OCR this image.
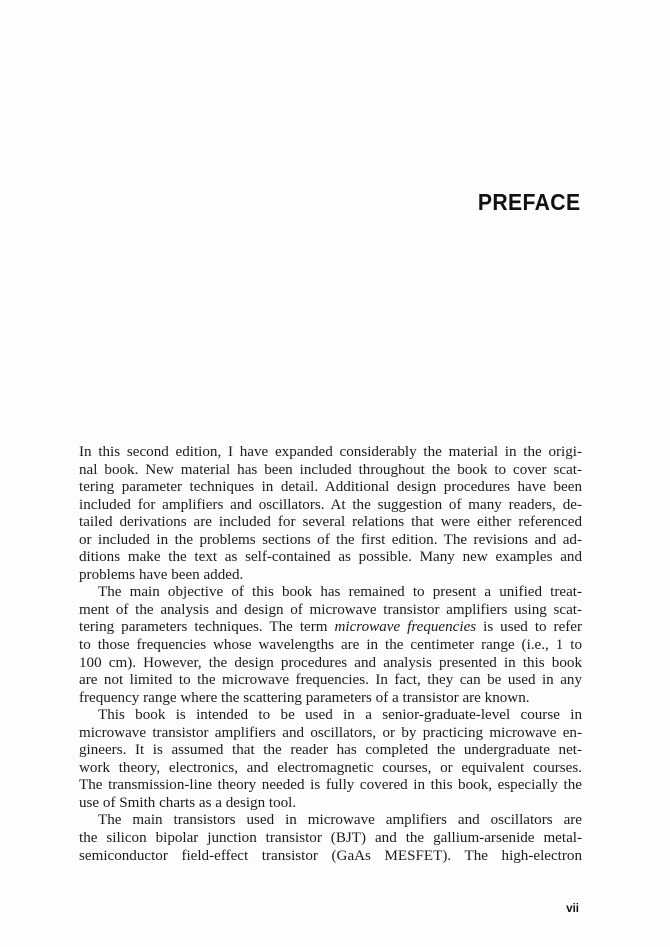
PREFACE
In this second edition, I have expanded considerably the material in the origi-
nal book. New material has been included throughout the book to cover scat-
tering parameter techniques in detail. Additional design procedures have been
included for amplifiers and oscillators. At the suggestion of many readers, de-
tailed derivations are included for several relations that were either referenced
or included in the problems sections of the first edition. The revisions and ad-
ditions make the text as self-contained as possible. Many new examples and
problems have been added.
The main objective of this book has remained to present a unified treat-
ment of the analysis and design of microwave transistor amplifiers using scat-
tering parameters techniques. The term microwave frequencies is used to refer
to those frequencies whose wavelengths are in the centimeter range (i.e., 1 to
100 cm). However, the design procedures and analysis presented in this book
are not limited to the microwave frequencies. In fact, they can be used in any
frequency range where the scattering parameters of a transistor are known.
This book is intended to be used in a senior-graduate-level course in
microwave transistor amplifiers and oscillators, or by practicing microwave en-
gineers. It is assumed that the reader has completed the undergraduate net-
work theory, electronics, and electromagnetic courses, or equivalent courses.
The transmission-line theory needed is fully covered in this book, especially the
use of Smith charts as a design tool.
The main transistors used in microwave amplifiers and oscillators are
the silicon bipolar junction transistor (BJT) and the gallium-arsenide metal-
semiconductor field-effect transistor (GaAs MESFET). The high-electron
vii
